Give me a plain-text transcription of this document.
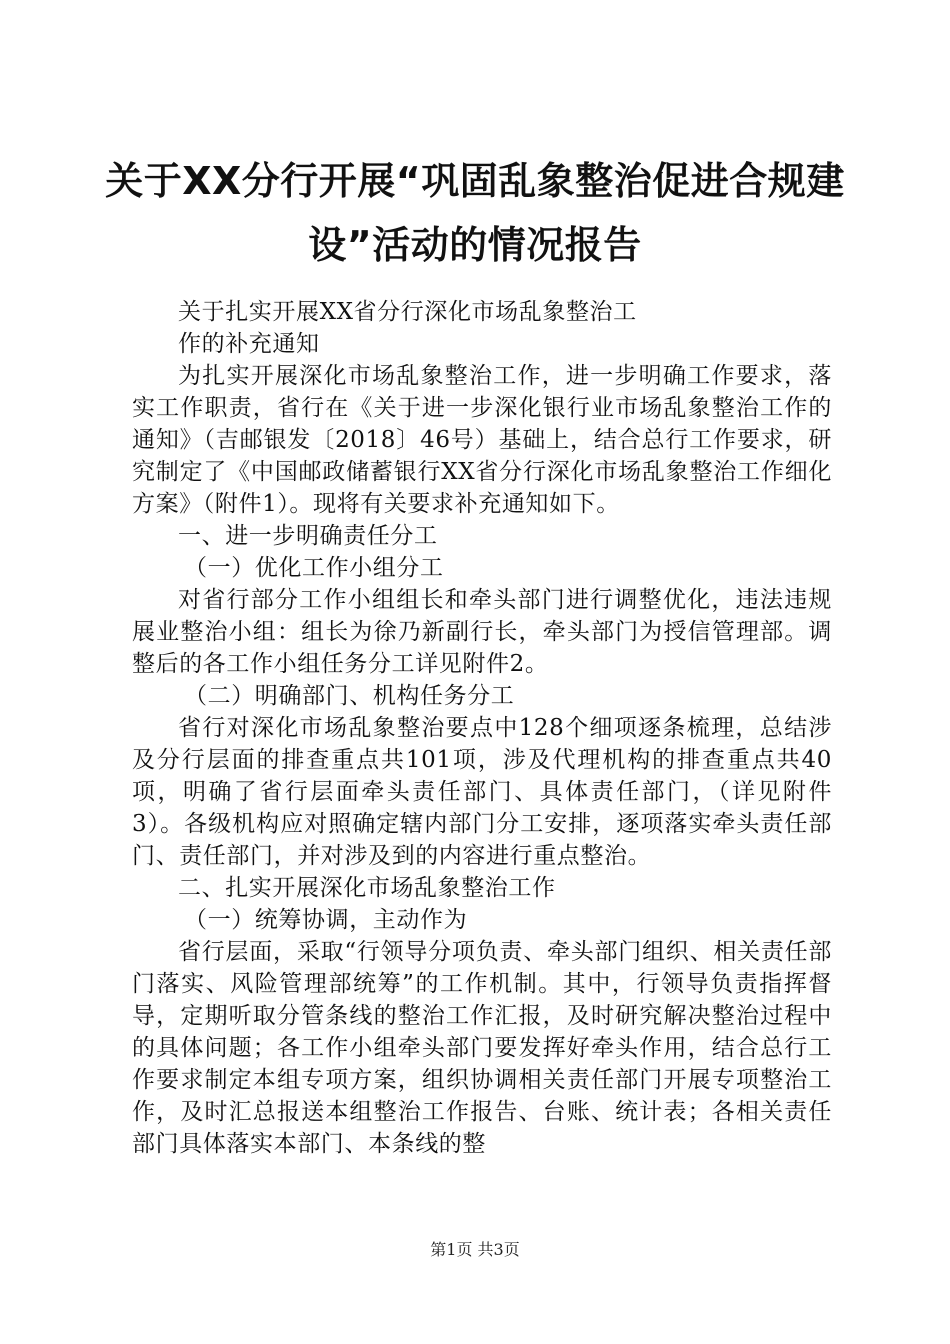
关于XX分行开展“巩固乱象整治促进合规建
设”活动的情况报告

关于扎实开展XX省分行深化市场乱象整治工

作的补充通知

为扎实开展深化市场乱象整治工作，进一步明确工作要求，落实工作职责，省行在《关于进一步深化银行业市场乱象整治工作的通知》（吉邮银发〔2018〕46号）基础上，结合总行工作要求，研究制定了《中国邮政储蓄银行XX省分行深化市场乱象整治工作细化方案》（附件1）。现将有关要求补充通知如下。

一、进一步明确责任分工

（一）优化工作小组分工

对省行部分工作小组组长和牵头部门进行调整优化，违法违规展业整治小组：组长为徐乃新副行长，牵头部门为授信管理部。调整后的各工作小组任务分工详见附件2。

（二）明确部门、机构任务分工

省行对深化市场乱象整治要点中128个细项逐条梳理，总结涉及分行层面的排查重点共101项，涉及代理机构的排查重点共40项，明确了省行层面牵头责任部门、具体责任部门，（详见附件3）。各级机构应对照确定辖内部门分工安排，逐项落实牵头责任部门、责任部门，并对涉及到的内容进行重点整治。

二、扎实开展深化市场乱象整治工作

（一）统筹协调，主动作为

省行层面，采取“行领导分项负责、牵头部门组织、相关责任部门落实、风险管理部统筹”的工作机制。其中，行领导负责指挥督导，定期听取分管条线的整治工作汇报，及时研究解决整治过程中的具体问题；各工作小组牵头部门要发挥好牵头作用，结合总行工作要求制定本组专项方案，组织协调相关责任部门开展专项整治工作，及时汇总报送本组整治工作报告、台账、统计表；各相关责任部门具体落实本部门、本条线的整

第1页 共3页
